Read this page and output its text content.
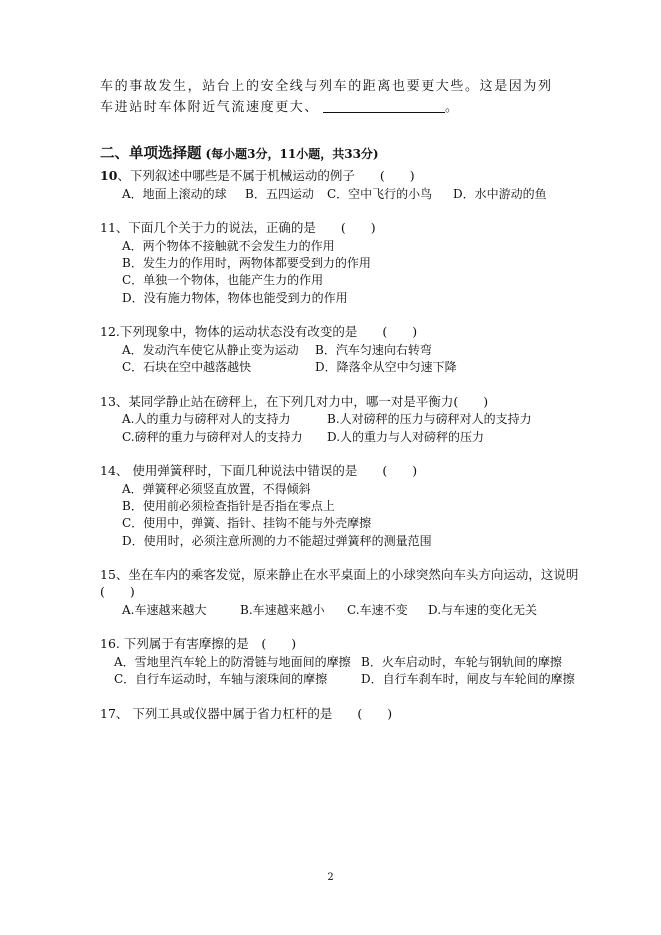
车的事故发生，站台上的安全线与列车的距离也要更大些。这是因为列
车进站时车体附近气流速度更大、	。
二、单项选择题 (每小题3分，11小题，共33分)
10、下列叙述中哪些是不属于机械运动的例子　　(　　)
A．地面上滚动的球 B．五四运动 C．空中飞行的小鸟 D．水中游动的鱼
11、下面几个关于力的说法，正确的是　　(　　)
A．两个物体不接触就不会发生力的作用
B．发生力的作用时，两物体都要受到力的作用
C．单独一个物体，也能产生力的作用
D．没有施力物体，物体也能受到力的作用
12.下列现象中，物体的运动状态没有改变的是　　(　　)
A．发动汽车使它从静止变为运动 B．汽车匀速向右转弯
C．石块在空中越落越快	D．降落伞从空中匀速下降
13、某同学静止站在磅秤上，在下列几对力中，哪一对是平衡力(　　)
A.人的重力与磅秤对人的支持力	B.人对磅秤的压力与磅秤对人的支持力
C.磅秤的重力与磅秤对人的支持力 D.人的重力与人对磅秤的压力
14、 使用弹簧秤时，下面几种说法中错误的是　　(　　)
A．弹簧秤必须竖直放置，不得倾斜
B．使用前必须检查指针是否指在零点上
C．使用中，弹簧、指针、挂钩不能与外壳摩擦
D．使用时，必须注意所测的力不能超过弹簧秤的测量范围
15、坐在车内的乘客发觉，原来静止在水平桌面上的小球突然向车头方向运动，这说明
(　　)
A.车速越来越大	B.车速越来越小 C.车速不变 D.与车速的变化无关
16. 下列属于有害摩擦的是　(　　)
A．雪地里汽车轮上的防滑链与地面间的摩擦 B．火车启动时，车轮与钢轨间的摩擦
C．自行车运动时，车轴与滚珠间的摩擦	D．自行车刹车时，闸皮与车轮间的摩擦
17、 下列工具或仪器中属于省力杠杆的是　　(　　)
2
